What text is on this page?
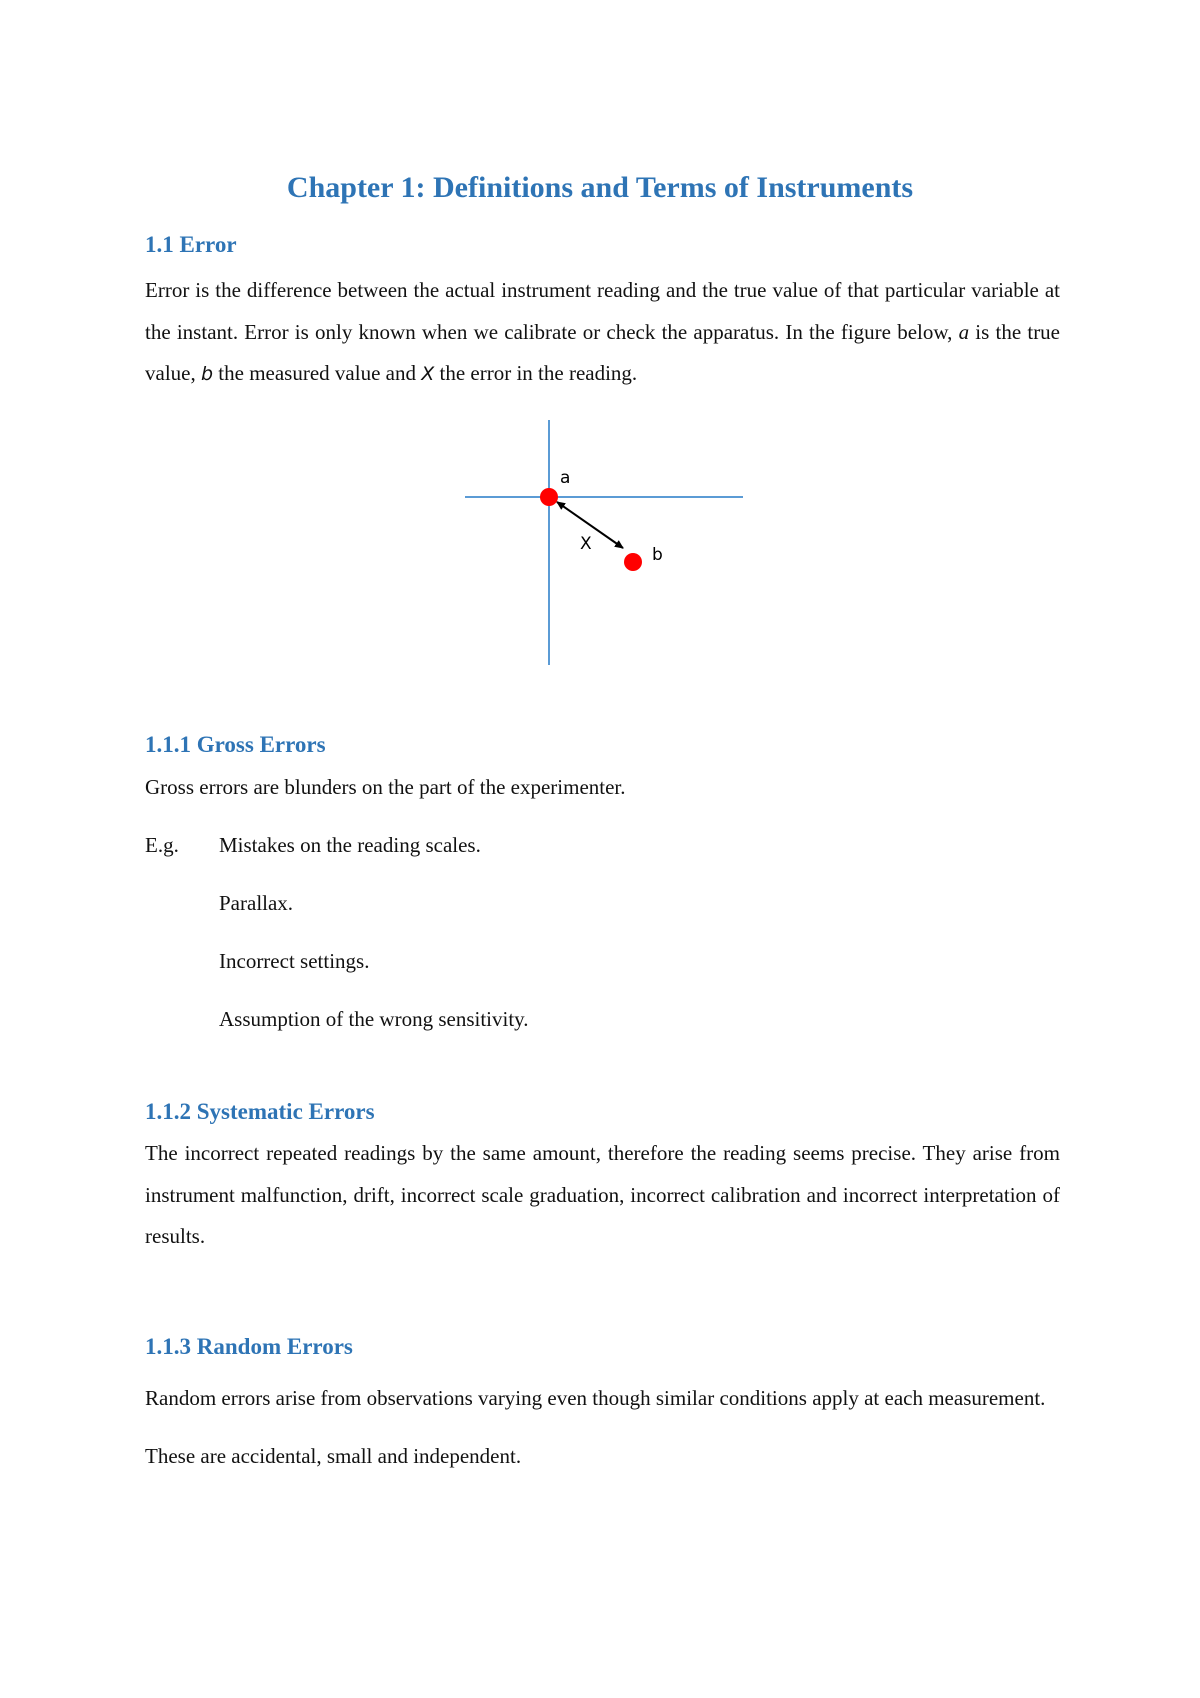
Chapter 1: Definitions and Terms of Instruments
1.1 Error

Error is the difference between the actual instrument reading and the true value of that particular variable at the instant. Error is only known when we calibrate or check the apparatus. In the figure below, a is the true value, b the measured value and X the error in the reading.

a
X
b
1.1.1 Gross Errors

Gross errors are blunders on the part of the experimenter.

E.g. Mistakes on the reading scales.

Parallax.

Incorrect settings.

Assumption of the wrong sensitivity.

1.1.2 Systematic Errors

The incorrect repeated readings by the same amount, therefore the reading seems precise. They arise from instrument malfunction, drift, incorrect scale graduation, incorrect calibration and incorrect interpretation of results.

1.1.3 Random Errors

Random errors arise from observations varying even though similar conditions apply at each measurement. These are accidental, small and independent.
